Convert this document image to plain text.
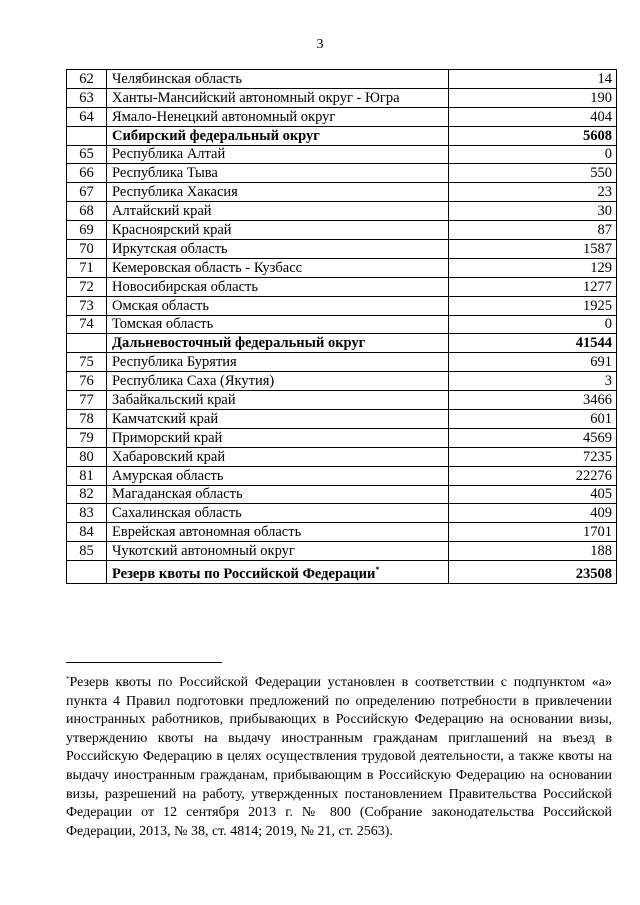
3
62	Челябинская область	14
63	Ханты-Мансийский автономный округ - Югра	190
64	Ямало-Ненецкий автономный округ	404
	Сибирский федеральный округ	5608
65	Республика Алтай	0
66	Республика Тыва	550
67	Республика Хакасия	23
68	Алтайский край	30
69	Красноярский край	87
70	Иркутская область	1587
71	Кемеровская область - Кузбасс	129
72	Новосибирская область	1277
73	Омская область	1925
74	Томская область	0
	Дальневосточный федеральный округ	41544
75	Республика Бурятия	691
76	Республика Саха (Якутия)	3
77	Забайкальский край	3466
78	Камчатский край	601
79	Приморский край	4569
80	Хабаровский край	7235
81	Амурская область	22276
82	Магаданская область	405
83	Сахалинская область	409
84	Еврейская автономная область	1701
85	Чукотский автономный округ	188
	Резерв квоты по Российской Федерации*	23508
*Резерв квоты по Российской Федерации установлен в соответствии с подпунктом «а» пункта 4 Правил подготовки предложений по определению потребности в привлечении иностранных работников, прибывающих в Российскую Федерацию на основании визы, утверждению квоты на выдачу иностранным гражданам приглашений на въезд в Российскую Федерацию в целях осуществления трудовой деятельности, а также квоты на выдачу иностранным гражданам, прибывающим в Российскую Федерацию на основании визы, разрешений на работу, утвержденных постановлением Правительства Российской Федерации от 12 сентября 2013 г. № 800 (Собрание законодательства Российской Федерации, 2013, № 38, ст. 4814; 2019, № 21, ст. 2563).
